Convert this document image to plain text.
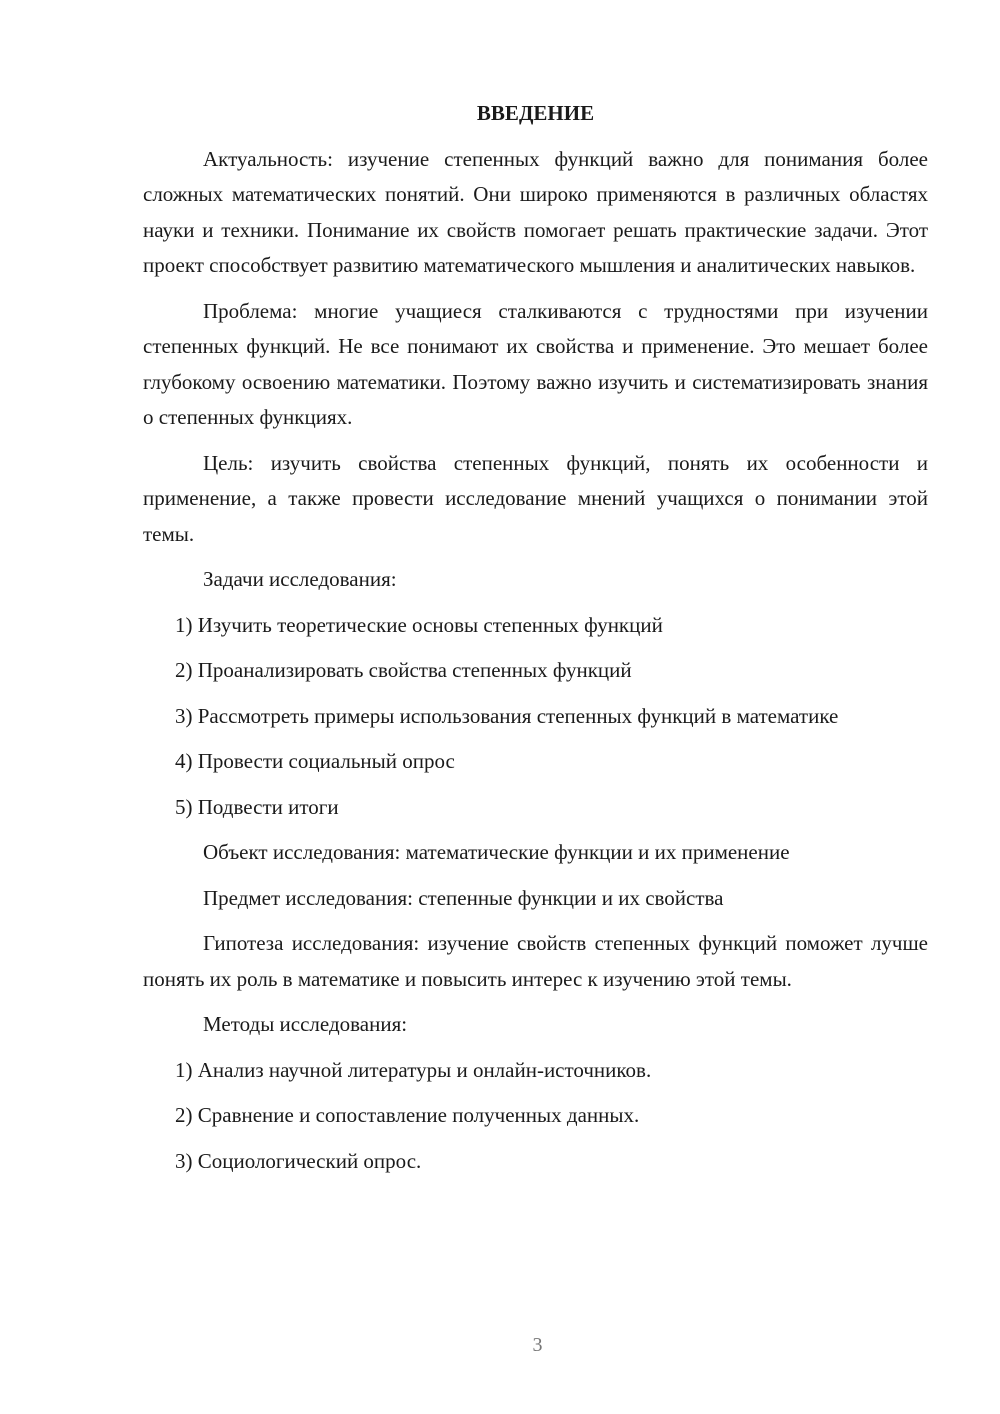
ВВЕДЕНИЕ
Актуальность: изучение степенных функций важно для понимания более сложных математических понятий. Они широко применяются в различных областях науки и техники. Понимание их свойств помогает решать практические задачи. Этот проект способствует развитию математического мышления и аналитических навыков.
Проблема: многие учащиеся сталкиваются с трудностями при изучении степенных функций. Не все понимают их свойства и применение. Это мешает более глубокому освоению математики. Поэтому важно изучить и систематизировать знания о степенных функциях.
Цель: изучить свойства степенных функций, понять их особенности и применение, а также провести исследование мнений учащихся о понимании этой темы.
Задачи исследования:
1) Изучить теоретические основы степенных функций
2) Проанализировать свойства степенных функций
3) Рассмотреть примеры использования степенных функций в математике
4) Провести социальный опрос
5) Подвести итоги
Объект исследования: математические функции и их применение
Предмет исследования: степенные функции и их свойства
Гипотеза исследования: изучение свойств степенных функций поможет лучше понять их роль в математике и повысить интерес к изучению этой темы.
Методы исследования:
1) Анализ научной литературы и онлайн-источников.
2) Сравнение и сопоставление полученных данных.
3) Социологический опрос.
3
